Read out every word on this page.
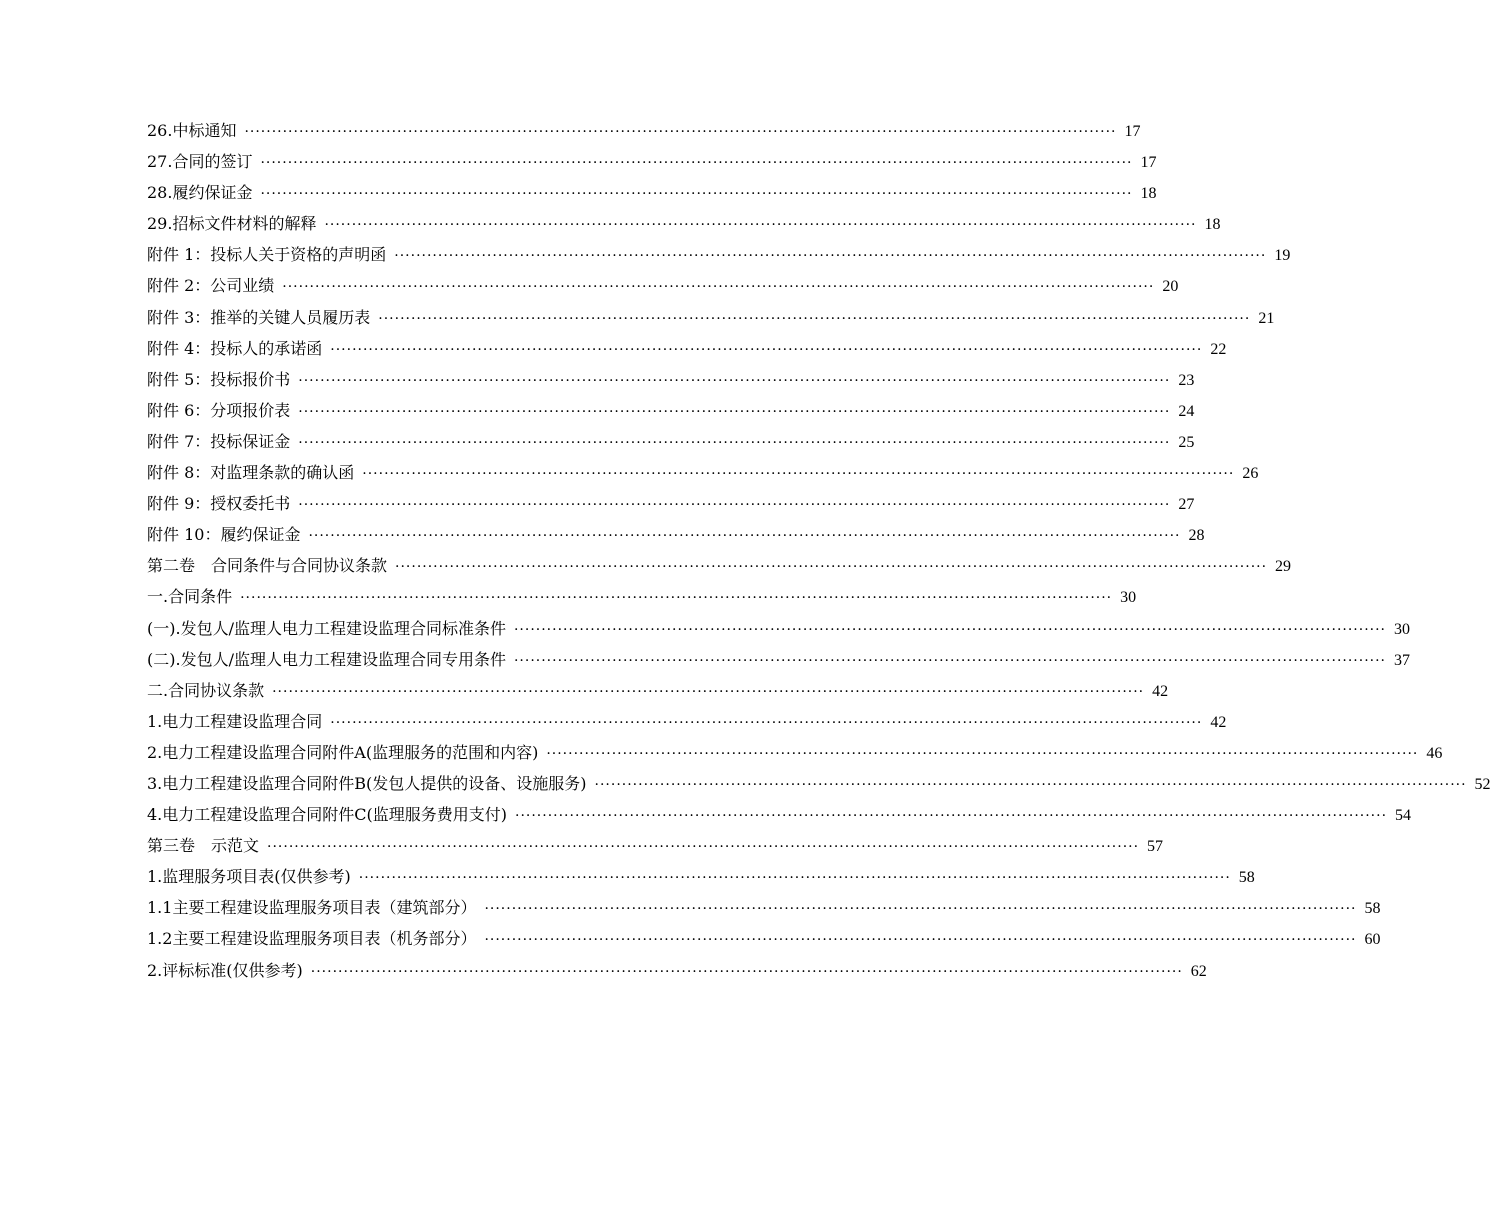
26.中标通知 ································································································································································ 17
27.合同的签订 ································································································································································ 17
28.履约保证金 ································································································································································ 18
29.招标文件材料的解释 ································································································································································ 18
附件 1：投标人关于资格的声明函 ································································································································································ 19
附件 2：公司业绩 ································································································································································ 20
附件 3：推举的关键人员履历表 ································································································································································ 21
附件 4：投标人的承诺函 ································································································································································ 22
附件 5：投标报价书 ································································································································································ 23
附件 6：分项报价表 ································································································································································ 24
附件 7：投标保证金 ································································································································································ 25
附件 8：对监理条款的确认函 ································································································································································ 26
附件 9：授权委托书 ································································································································································ 27
附件 10：履约保证金 ································································································································································ 28
第二卷　合同条件与合同协议条款 ································································································································································ 29
一.合同条件 ································································································································································ 30
(一).发包人/监理人电力工程建设监理合同标准条件 ································································································································································ 30
(二).发包人/监理人电力工程建设监理合同专用条件 ································································································································································ 37
二.合同协议条款 ································································································································································ 42
1.电力工程建设监理合同 ································································································································································ 42
2.电力工程建设监理合同附件A(监理服务的范围和内容) ································································································································································ 46
3.电力工程建设监理合同附件B(发包人提供的设备、设施服务) ································································································································································ 52
4.电力工程建设监理合同附件C(监理服务费用支付) ································································································································································ 54
第三卷　示范文 ································································································································································ 57
1.监理服务项目表(仅供参考) ································································································································································ 58
1.1主要工程建设监理服务项目表（建筑部分） ································································································································································ 58
1.2主要工程建设监理服务项目表（机务部分） ································································································································································ 60
2.评标标准(仅供参考) ································································································································································ 62
